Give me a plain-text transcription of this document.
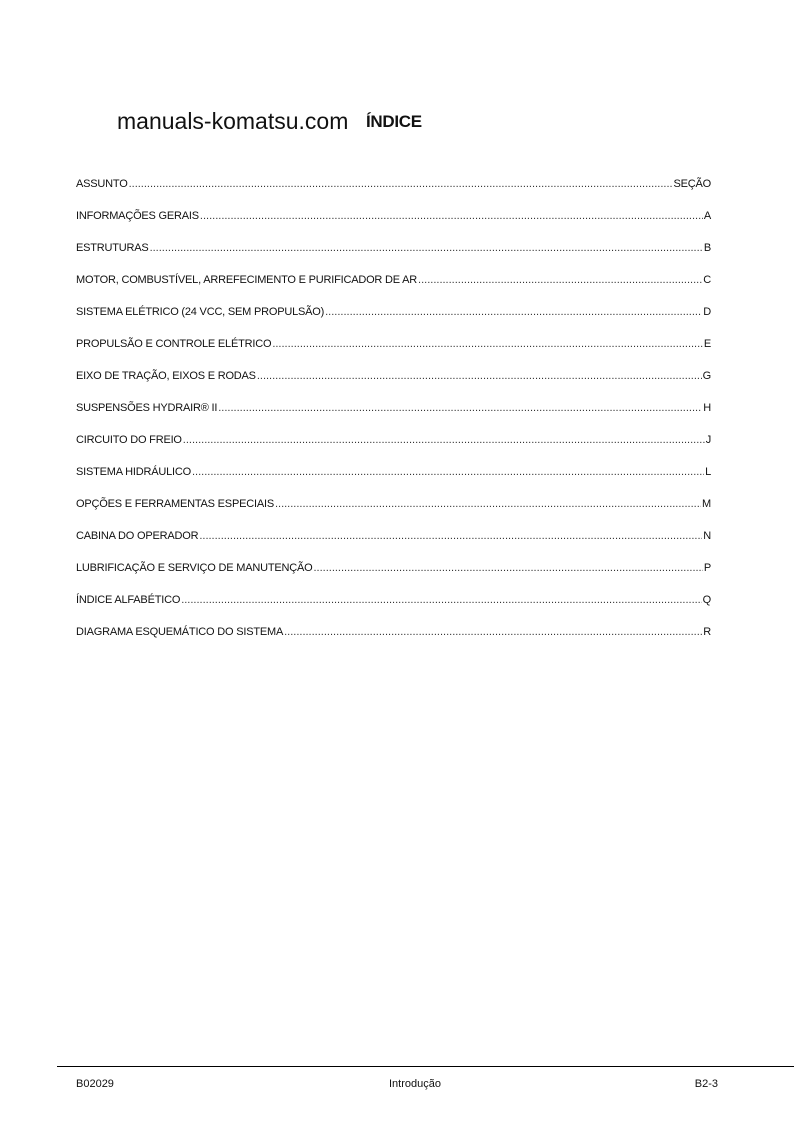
manuals-komatsu.com ÍNDICE
ASSUNTO .....	SEÇÃO
INFORMAÇÕES GERAIS .....	A
ESTRUTURAS .....	B
MOTOR, COMBUSTÍVEL, ARREFECIMENTO E PURIFICADOR DE AR .....	C
SISTEMA ELÉTRICO (24 VCC, SEM PROPULSÃO) .....	D
PROPULSÃO E CONTROLE ELÉTRICO .....	E
EIXO DE TRAÇÃO, EIXOS E RODAS .....	G
SUSPENSÕES HYDRAIR® II .....	H
CIRCUITO DO FREIO .....	J
SISTEMA HIDRÁULICO .....	L
OPÇÕES E FERRAMENTAS ESPECIAIS .....	M
CABINA DO OPERADOR .....	N
LUBRIFICAÇÃO E SERVIÇO DE MANUTENÇÃO .....	P
ÍNDICE ALFABÉTICO .....	Q
DIAGRAMA ESQUEMÁTICO DO SISTEMA .....	R
B02029	Introdução	B2-3
